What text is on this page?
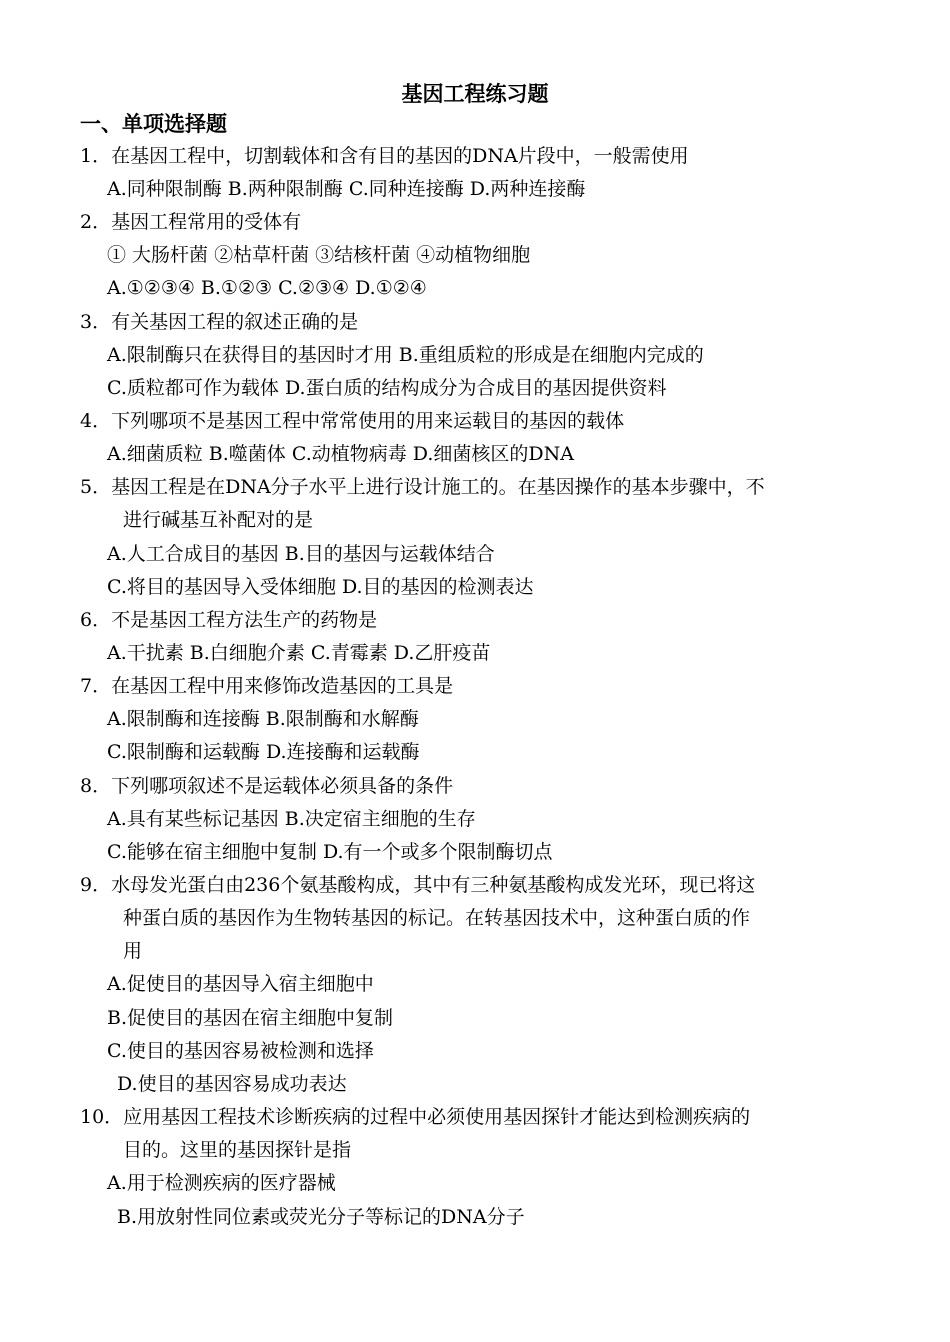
基因工程练习题
一、单项选择题
1．在基因工程中，切割载体和含有目的基因的DNA片段中，一般需使用
A.同种限制酶 B.两种限制酶 C.同种连接酶 D.两种连接酶
2．基因工程常用的受体有
① 大肠杆菌 ②枯草杆菌 ③结核杆菌 ④动植物细胞
A.①②③④ B.①②③ C.②③④ D.①②④
3．有关基因工程的叙述正确的是
A.限制酶只在获得目的基因时才用 B.重组质粒的形成是在细胞内完成的
C.质粒都可作为载体 D.蛋白质的结构成分为合成目的基因提供资料
4．下列哪项不是基因工程中常常使用的用来运载目的基因的载体
A.细菌质粒 B.噬菌体 C.动植物病毒 D.细菌核区的DNA
5．基因工程是在DNA分子水平上进行设计施工的。在基因操作的基本步骤中，不
进行碱基互补配对的是
A.人工合成目的基因 B.目的基因与运载体结合
C.将目的基因导入受体细胞 D.目的基因的检测表达
6．不是基因工程方法生产的药物是
A.干扰素 B.白细胞介素 C.青霉素 D.乙肝疫苗
7．在基因工程中用来修饰改造基因的工具是
A.限制酶和连接酶 B.限制酶和水解酶
C.限制酶和运载酶 D.连接酶和运载酶
8．下列哪项叙述不是运载体必须具备的条件
A.具有某些标记基因 B.决定宿主细胞的生存
C.能够在宿主细胞中复制 D.有一个或多个限制酶切点
9．水母发光蛋白由236个氨基酸构成，其中有三种氨基酸构成发光环，现已将这
种蛋白质的基因作为生物转基因的标记。在转基因技术中，这种蛋白质的作
用
A.促使目的基因导入宿主细胞中
B.促使目的基因在宿主细胞中复制
C.使目的基因容易被检测和选择
D.使目的基因容易成功表达
10．应用基因工程技术诊断疾病的过程中必须使用基因探针才能达到检测疾病的
目的。这里的基因探针是指
A.用于检测疾病的医疗器械
B.用放射性同位素或荧光分子等标记的DNA分子
